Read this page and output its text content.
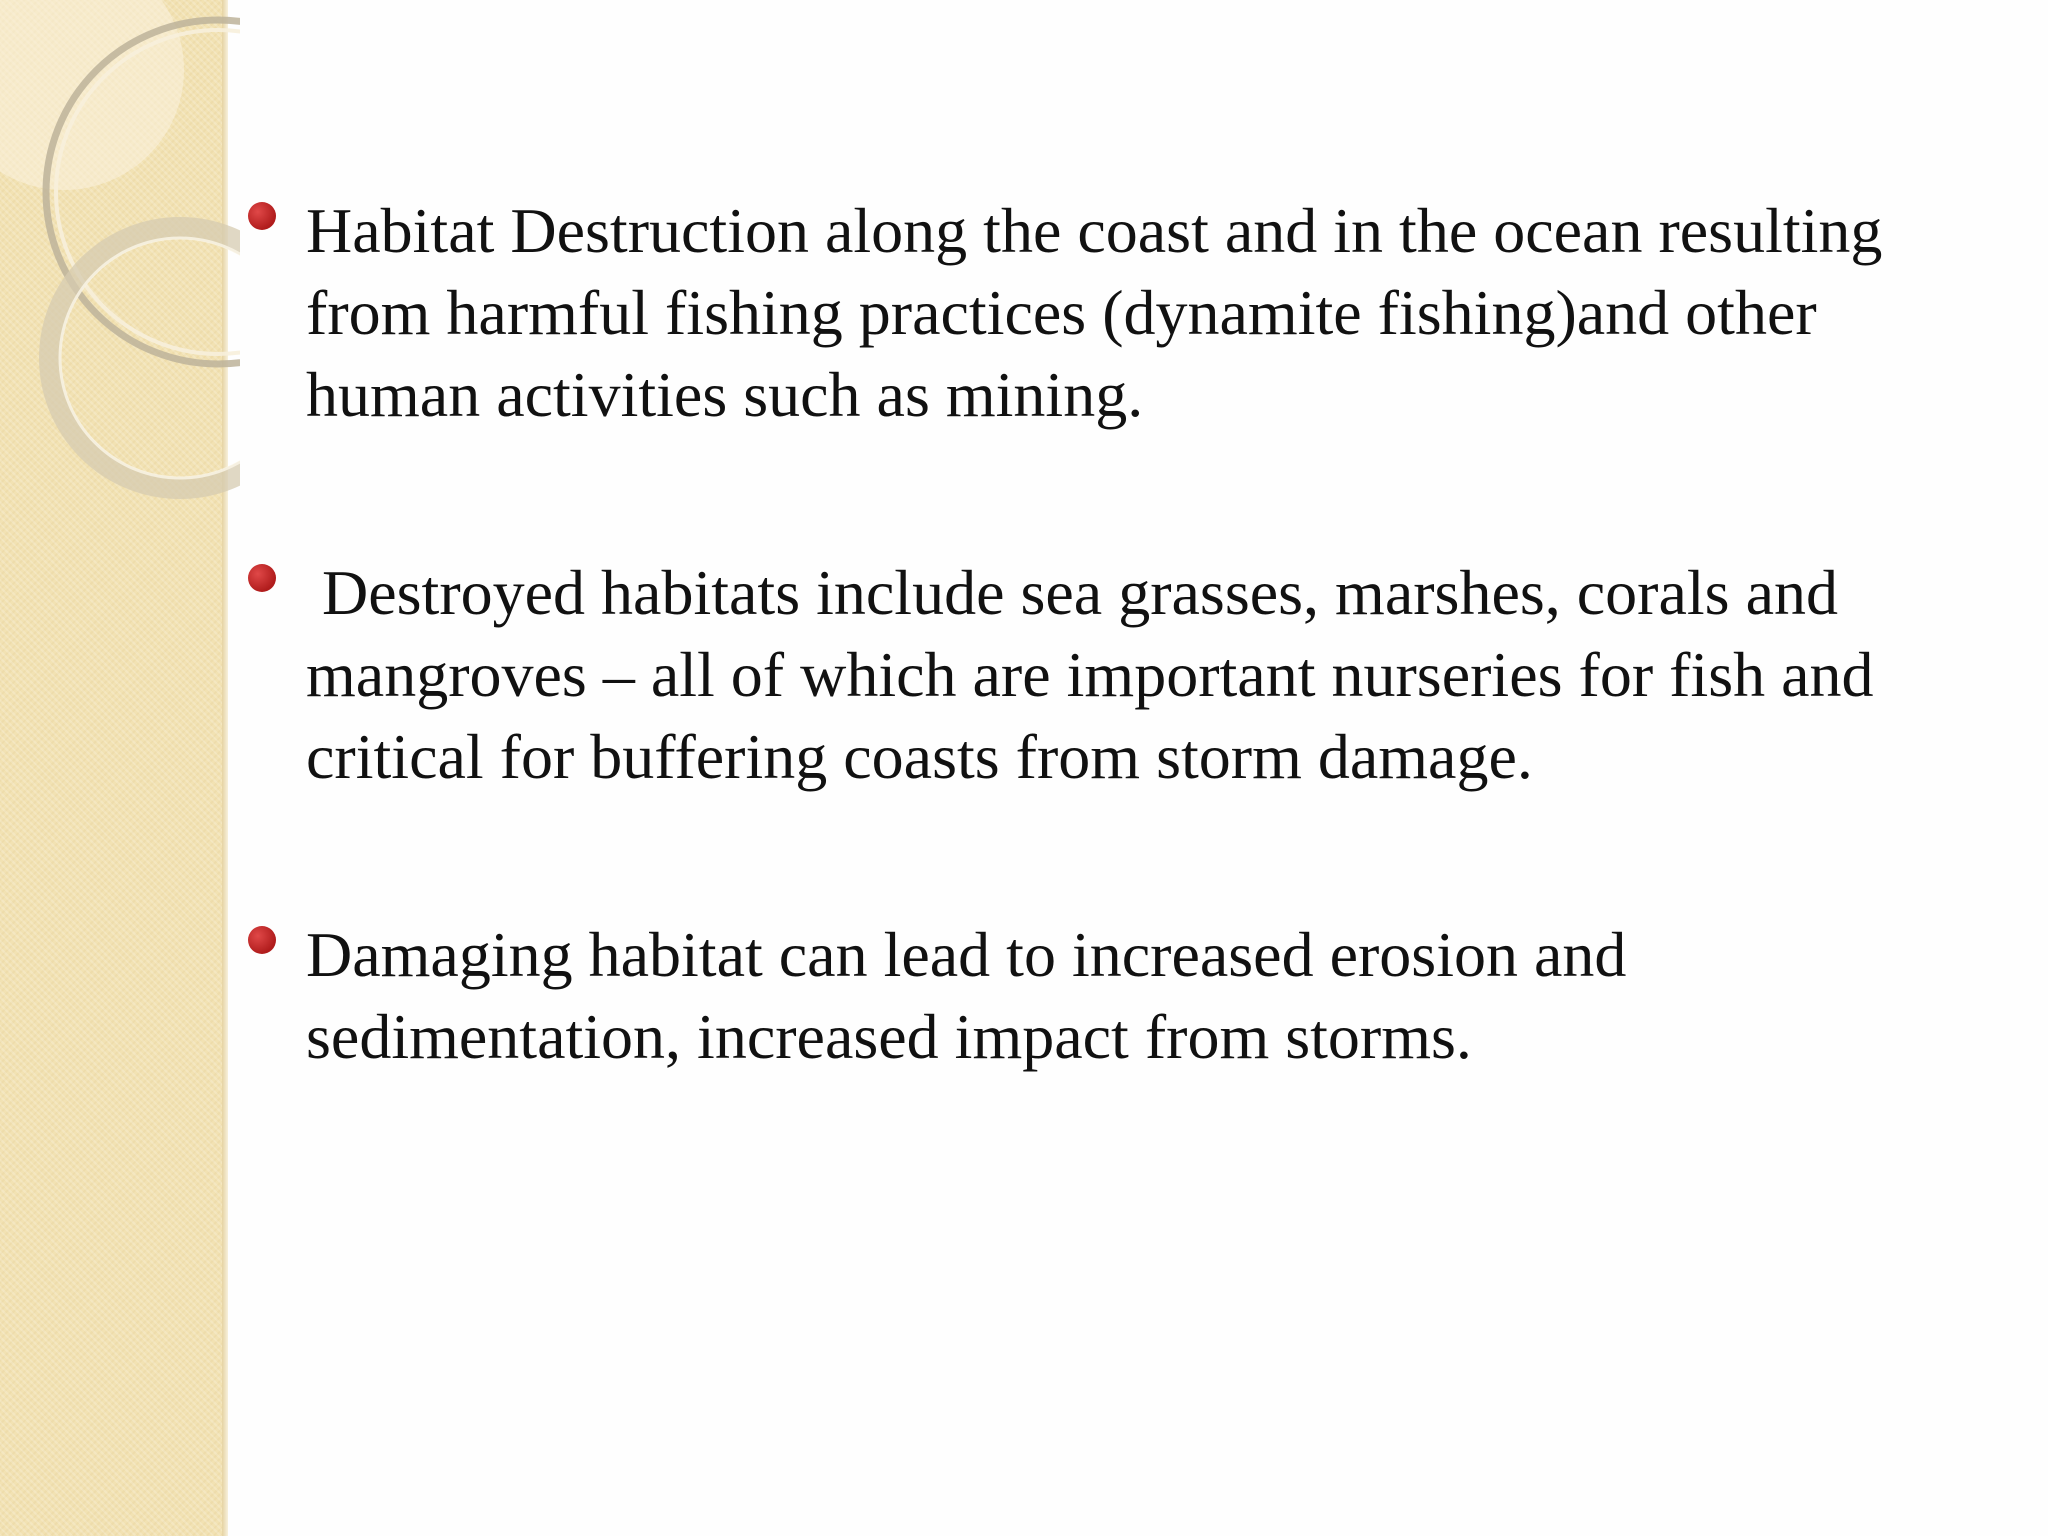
Habitat Destruction along the coast and in the ocean resulting from harmful fishing practices (dynamite fishing)and other human activities such as mining.
Destroyed habitats include sea grasses, marshes, corals and mangroves – all of which are important nurseries for fish and critical for buffering coasts from storm damage.
Damaging habitat can lead to increased erosion and sedimentation, increased impact from storms.
